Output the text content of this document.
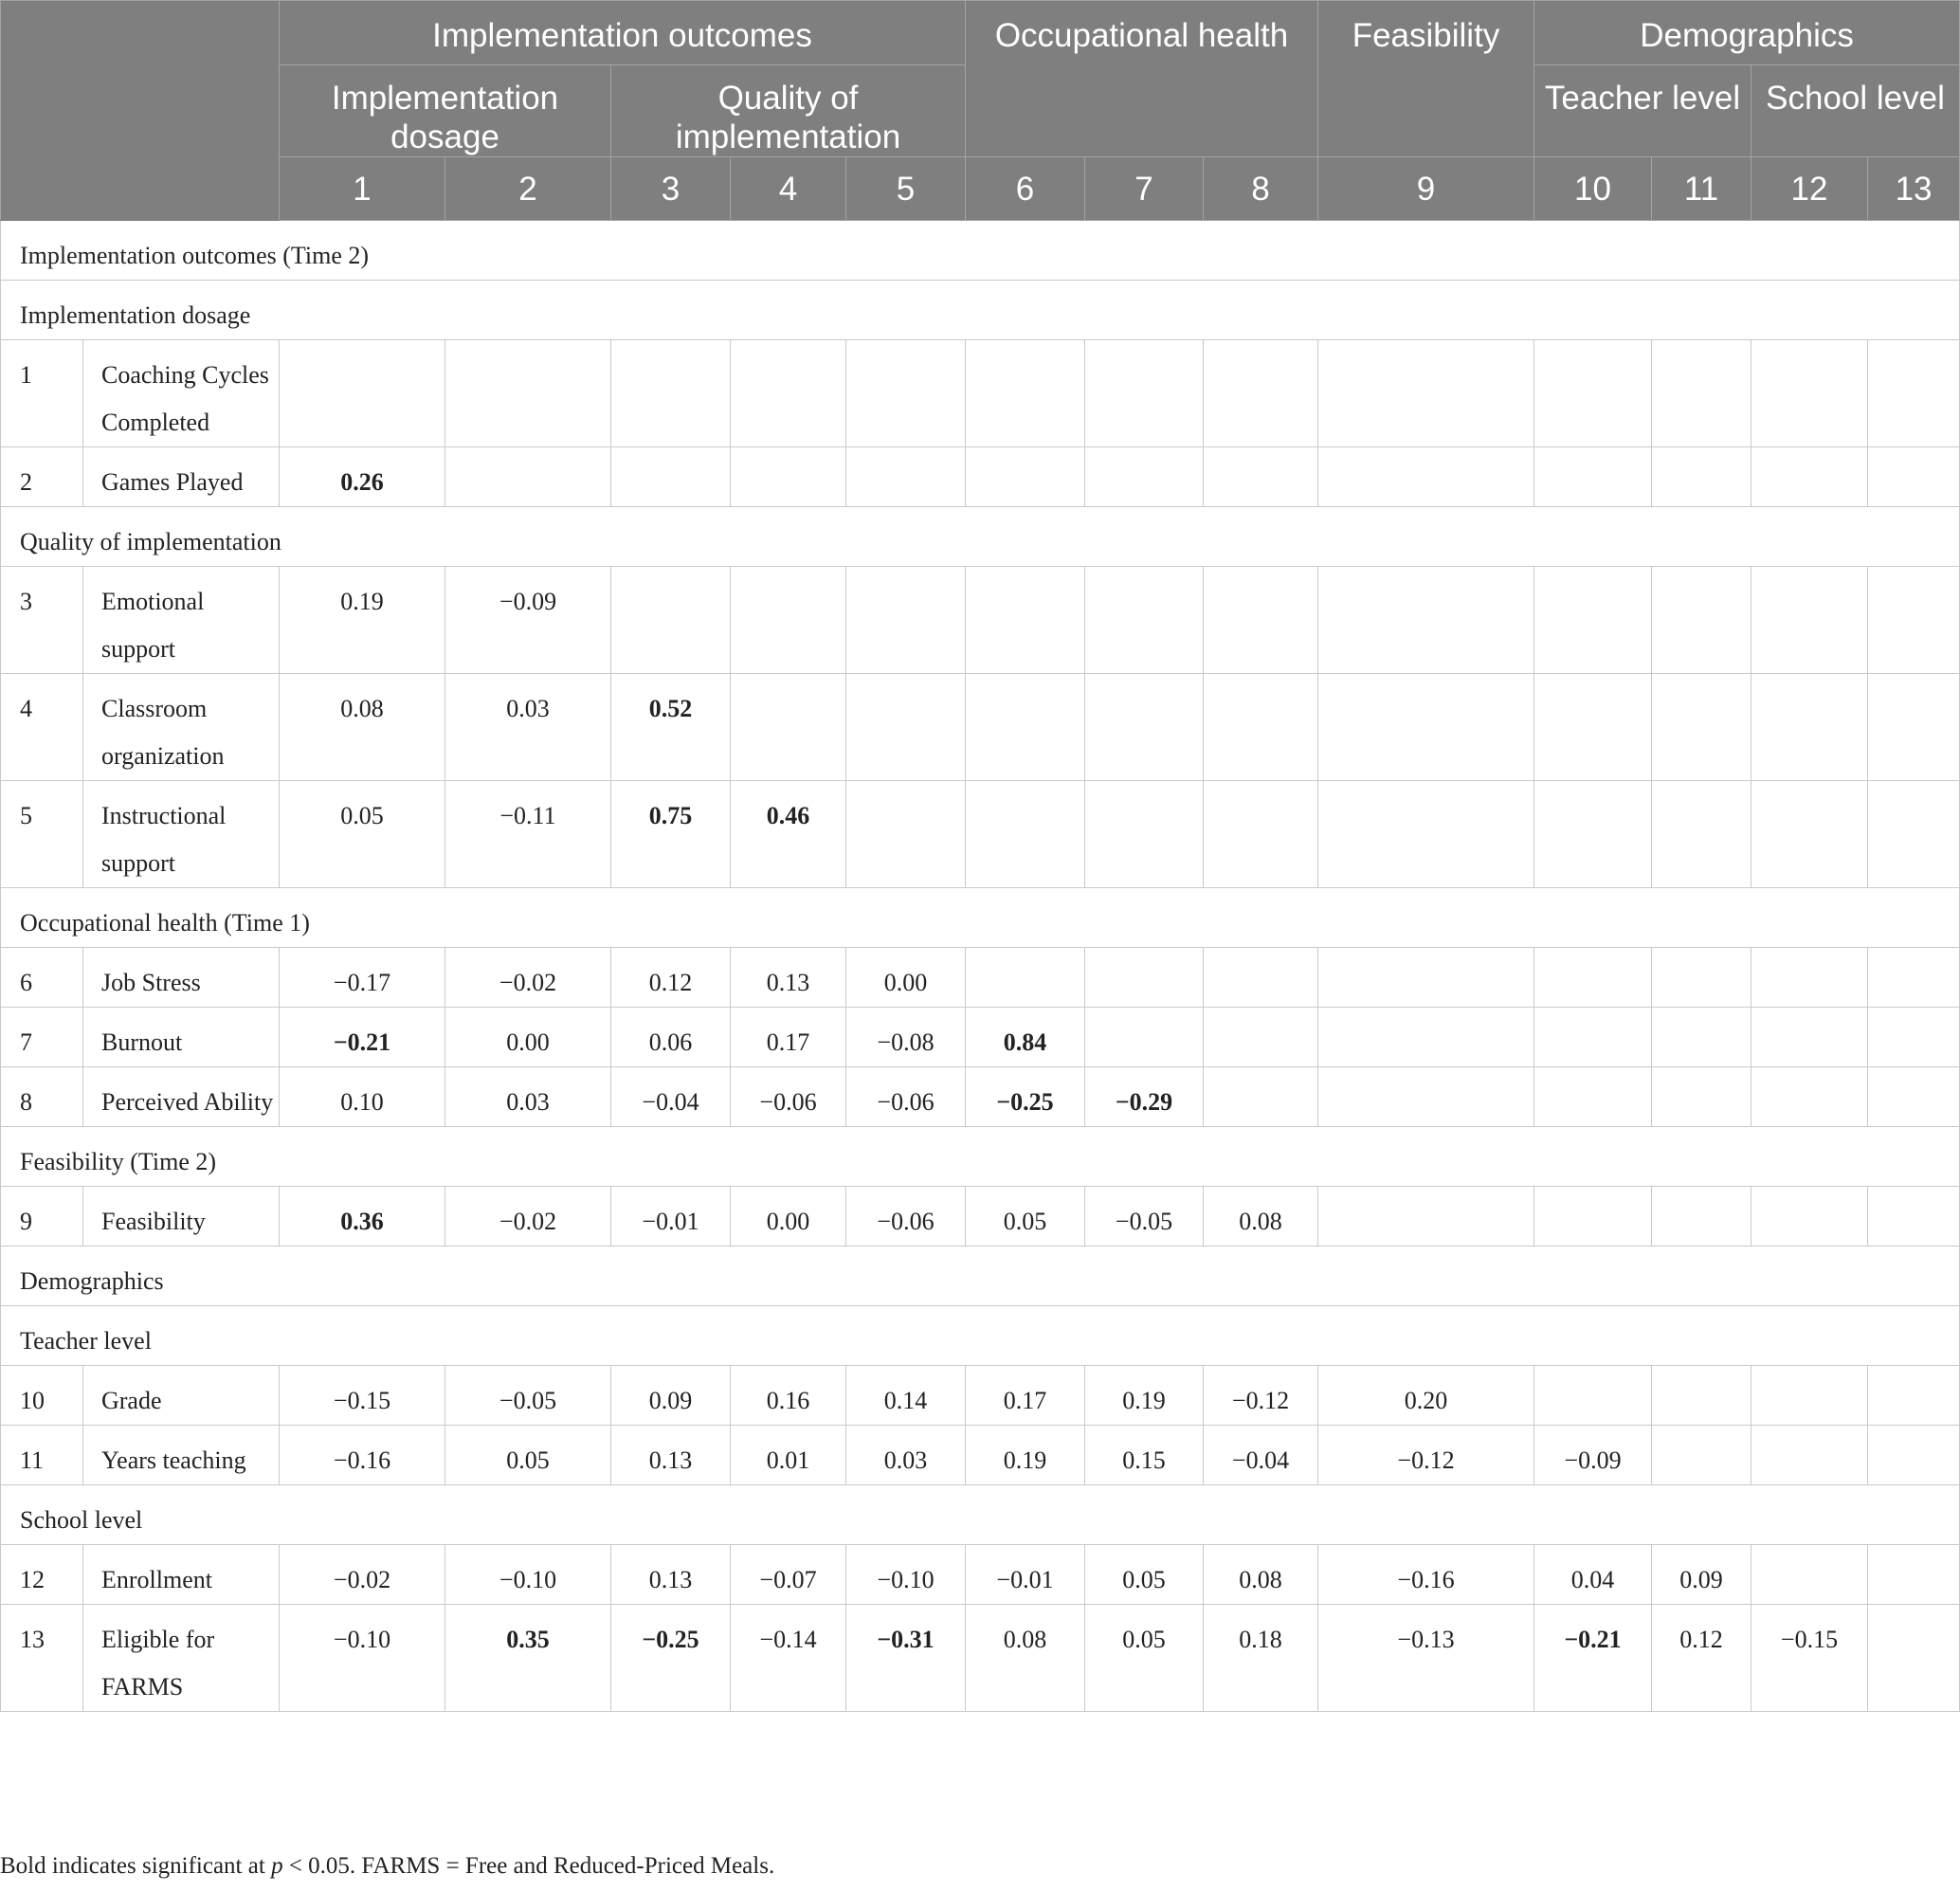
		Implementation outcomes					Occupational health			Feasibility	Demographics			
		Implementation dosage		Quality of implementation							Teacher level		School level	
		1	2	3	4	5	6	7	8	9	10	11	12	13
Implementation outcomes (Time 2)														
Implementation dosage														
1	Coaching Cycles Completed													
2	Games Played	0.26												
Quality of implementation														
3	Emotional support	0.19	−0.09											
4	Classroom organization	0.08	0.03	0.52										
5	Instructional support	0.05	−0.11	0.75	0.46									
Occupational health (Time 1)														
6	Job Stress	−0.17	−0.02	0.12	0.13	0.00								
7	Burnout	−0.21	0.00	0.06	0.17	−0.08	0.84							
8	Perceived Ability	0.10	0.03	−0.04	−0.06	−0.06	−0.25	−0.29						
Feasibility (Time 2)														
9	Feasibility	0.36	−0.02	−0.01	0.00	−0.06	0.05	−0.05	0.08					
Demographics														
Teacher level														
10	Grade	−0.15	−0.05	0.09	0.16	0.14	0.17	0.19	−0.12	0.20				
11	Years teaching	−0.16	0.05	0.13	0.01	0.03	0.19	0.15	−0.04	−0.12	−0.09			
School level														
12	Enrollment	−0.02	−0.10	0.13	−0.07	−0.10	−0.01	0.05	0.08	−0.16	0.04	0.09		
13	Eligible for FARMS	−0.10	0.35	−0.25	−0.14	−0.31	0.08	0.05	0.18	−0.13	−0.21	0.12	−0.15	
Bold indicates significant at p < 0.05. FARMS = Free and Reduced-Priced Meals.
